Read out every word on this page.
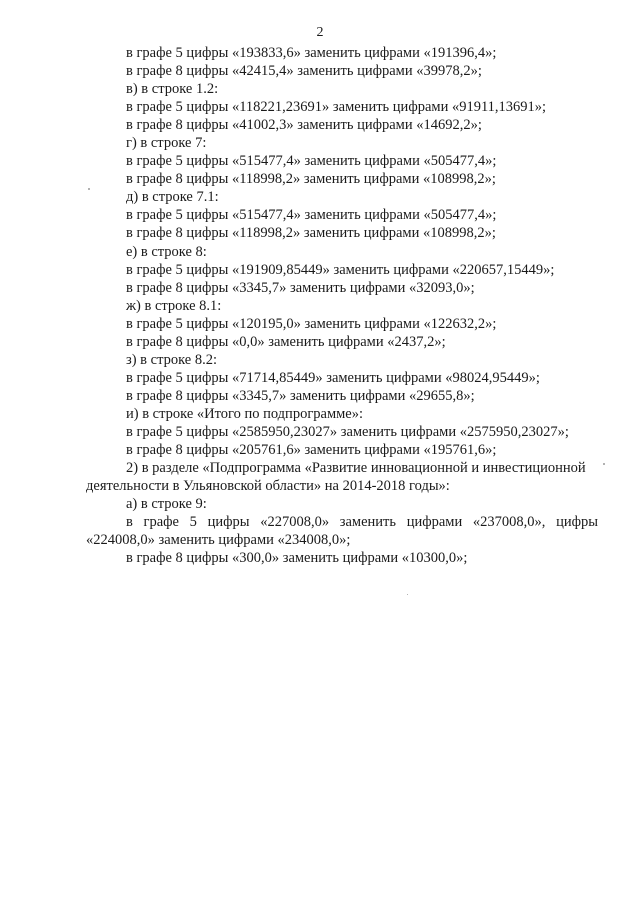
2
в графе 5 цифры «193833,6» заменить цифрами «191396,4»;
в графе 8 цифры «42415,4» заменить цифрами «39978,2»;
в) в строке 1.2:
в графе 5 цифры «118221,23691» заменить цифрами «91911,13691»;
в графе 8 цифры «41002,3» заменить цифрами «14692,2»;
г) в строке 7:
в графе 5 цифры «515477,4» заменить цифрами «505477,4»;
в графе 8 цифры «118998,2» заменить цифрами «108998,2»;
д) в строке 7.1:
в графе 5 цифры «515477,4» заменить цифрами «505477,4»;
в графе 8 цифры «118998,2» заменить цифрами «108998,2»;
е) в строке 8:
в графе 5 цифры «191909,85449» заменить цифрами «220657,15449»;
в графе 8 цифры «3345,7» заменить цифрами «32093,0»;
ж) в строке 8.1:
в графе 5 цифры «120195,0» заменить цифрами «122632,2»;
в графе 8 цифры «0,0» заменить цифрами «2437,2»;
з) в строке 8.2:
в графе 5 цифры «71714,85449» заменить цифрами «98024,95449»;
в графе 8 цифры «3345,7» заменить цифрами «29655,8»;
и) в строке «Итого по подпрограмме»:
в графе 5 цифры «2585950,23027» заменить цифрами «2575950,23027»;
в графе 8 цифры «205761,6» заменить цифрами «195761,6»;
2) в разделе «Подпрограмма «Развитие инновационной и инвестиционной
деятельности в Ульяновской области» на 2014-2018 годы»:
а) в строке 9:
в графе 5 цифры «227008,0» заменить цифрами «237008,0», цифры «224008,0» заменить цифрами «234008,0»;
в графе 8 цифры «300,0» заменить цифрами «10300,0»;
